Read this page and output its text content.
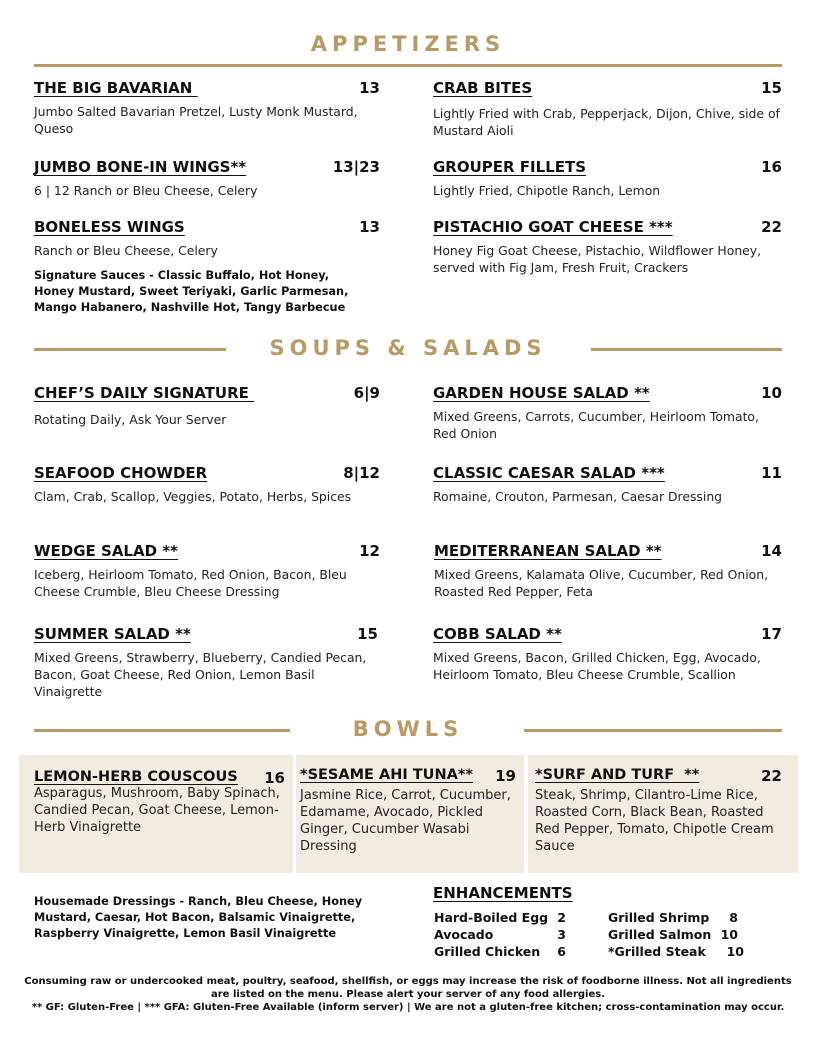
APPETIZERS
THE BIG BAVARIAN	13
Jumbo Salted Bavarian Pretzel, Lusty Monk Mustard, Queso
CRAB BITES	15
Lightly Fried with Crab, Pepperjack, Dijon, Chive, side of Mustard Aioli
JUMBO BONE-IN WINGS**	13|23
6 | 12 Ranch or Bleu Cheese, Celery
GROUPER FILLETS	16
Lightly Fried, Chipotle Ranch, Lemon
BONELESS WINGS	13
Ranch or Bleu Cheese, Celery
PISTACHIO GOAT CHEESE ***	22
Honey Fig Goat Cheese, Pistachio, Wildflower Honey, served with Fig Jam, Fresh Fruit, Crackers
Signature Sauces - Classic Buffalo, Hot Honey, Honey Mustard, Sweet Teriyaki, Garlic Parmesan, Mango Habanero, Nashville Hot, Tangy Barbecue
SOUPS & SALADS
CHEF’S DAILY SIGNATURE	6|9
Rotating Daily, Ask Your Server
GARDEN HOUSE SALAD **	10
Mixed Greens, Carrots, Cucumber, Heirloom Tomato, Red Onion
SEAFOOD CHOWDER	8|12
Clam, Crab, Scallop, Veggies, Potato, Herbs, Spices
CLASSIC CAESAR SALAD ***	11
Romaine, Crouton, Parmesan, Caesar Dressing
WEDGE SALAD **	12
Iceberg, Heirloom Tomato, Red Onion, Bacon, Bleu Cheese Crumble, Bleu Cheese Dressing
MEDITERRANEAN SALAD **	14
Mixed Greens, Kalamata Olive, Cucumber, Red Onion, Roasted Red Pepper, Feta
SUMMER SALAD **	15
Mixed Greens, Strawberry, Blueberry, Candied Pecan, Bacon, Goat Cheese, Red Onion, Lemon Basil Vinaigrette
COBB SALAD **	17
Mixed Greens, Bacon, Grilled Chicken, Egg, Avocado, Heirloom Tomato, Bleu Cheese Crumble, Scallion
BOWLS
LEMON-HERB COUSCOUS 16
Asparagus, Mushroom, Baby Spinach, Candied Pecan, Goat Cheese, Lemon-Herb Vinaigrette
*SESAME AHI TUNA** 19
Jasmine Rice, Carrot, Cucumber, Edamame, Avocado, Pickled Ginger, Cucumber Wasabi Dressing
*SURF AND TURF  **	22
Steak, Shrimp, Cilantro-Lime Rice, Roasted Corn, Black Bean, Roasted Red Pepper, Tomato, Chipotle Cream Sauce
Housemade Dressings - Ranch, Bleu Cheese, Honey Mustard, Caesar, Hot Bacon, Balsamic Vinaigrette, Raspberry Vinaigrette, Lemon Basil Vinaigrette
ENHANCEMENTS
Hard-Boiled Egg 2
Avocado	3
Grilled Chicken 6
Grilled Shrimp 8
Grilled Salmon 10
*Grilled Steak 10
Consuming raw or undercooked meat, poultry, seafood, shellfish, or eggs may increase the risk of foodborne illness. Not all ingredients are listed on the menu. Please alert your server of any food allergies.
** GF: Gluten-Free | *** GFA: Gluten-Free Available (inform server) | We are not a gluten-free kitchen; cross-contamination may occur.
